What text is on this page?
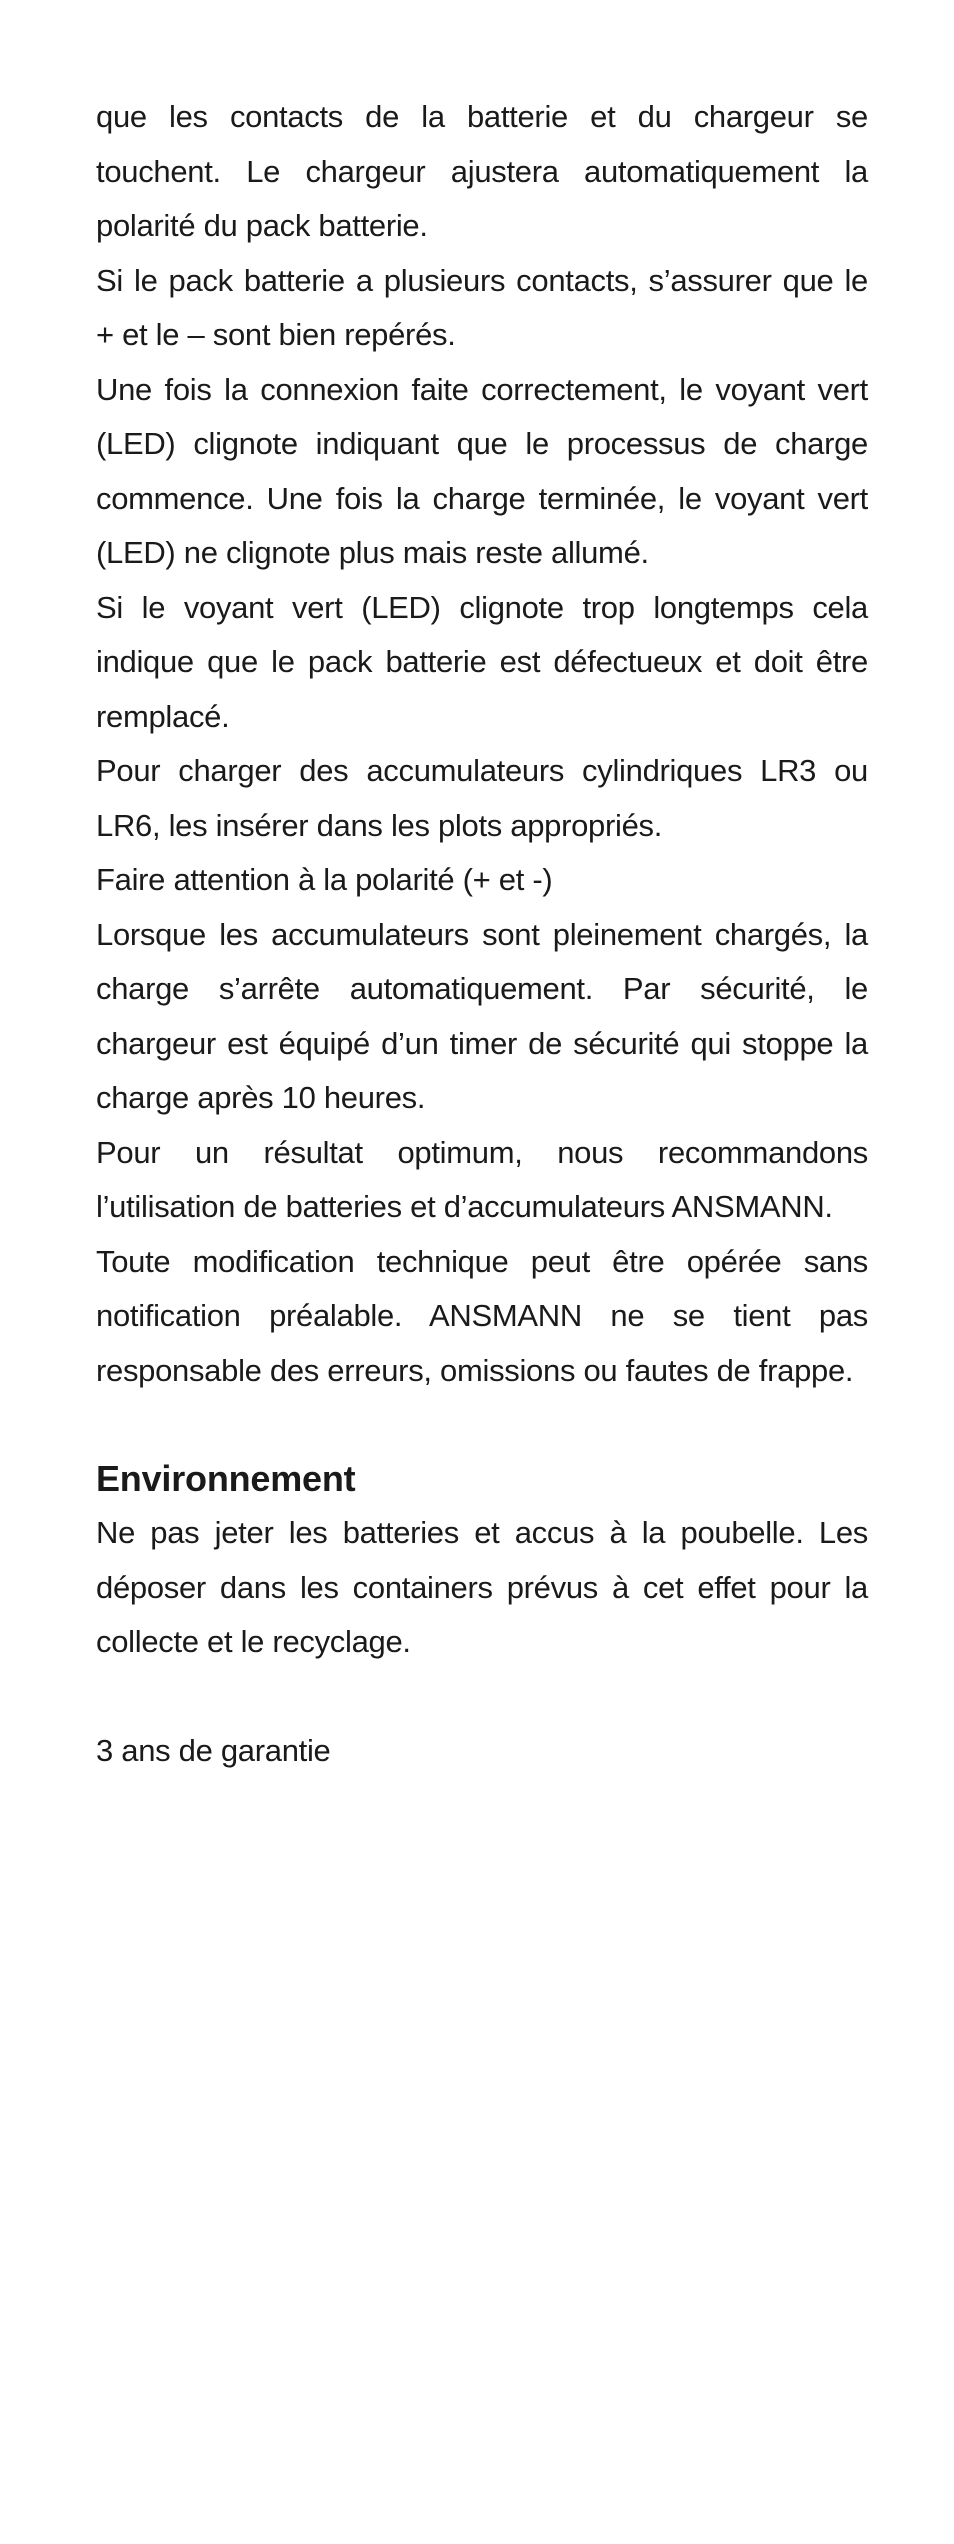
que les contacts de la batterie et du chargeur se touchent. Le chargeur ajustera automatiquement la polarité du pack batterie.

Si le pack batterie a plusieurs contacts, s’assurer que le + et le – sont bien repérés.

Une fois la connexion faite correctement, le voyant vert (LED) clignote indiquant que le processus de charge commence. Une fois la charge terminée, le voyant vert (LED) ne clignote plus mais reste allumé.

Si le voyant vert (LED) clignote trop longtemps cela indique que le pack batterie est défectueux et doit être remplacé.

Pour charger des accumulateurs cylindriques LR3 ou LR6, les insérer dans les plots appropriés.

Faire attention à la polarité (+ et -)

Lorsque les accumulateurs sont pleinement chargés, la charge s’arrête automatiquement. Par sécurité, le chargeur est équipé d’un timer de sécurité qui stoppe la charge après 10 heures.

Pour un résultat optimum, nous recommandons l’utilisation de batteries et d’accumulateurs ANSMANN.

Toute modification technique peut être opérée sans notification préalable. ANSMANN ne se tient pas responsable des erreurs, omissions ou fautes de frappe.

Environnement

Ne pas jeter les batteries et accus à la poubelle. Les déposer dans les containers prévus à cet effet pour la collecte et le recyclage.

3 ans de garantie
